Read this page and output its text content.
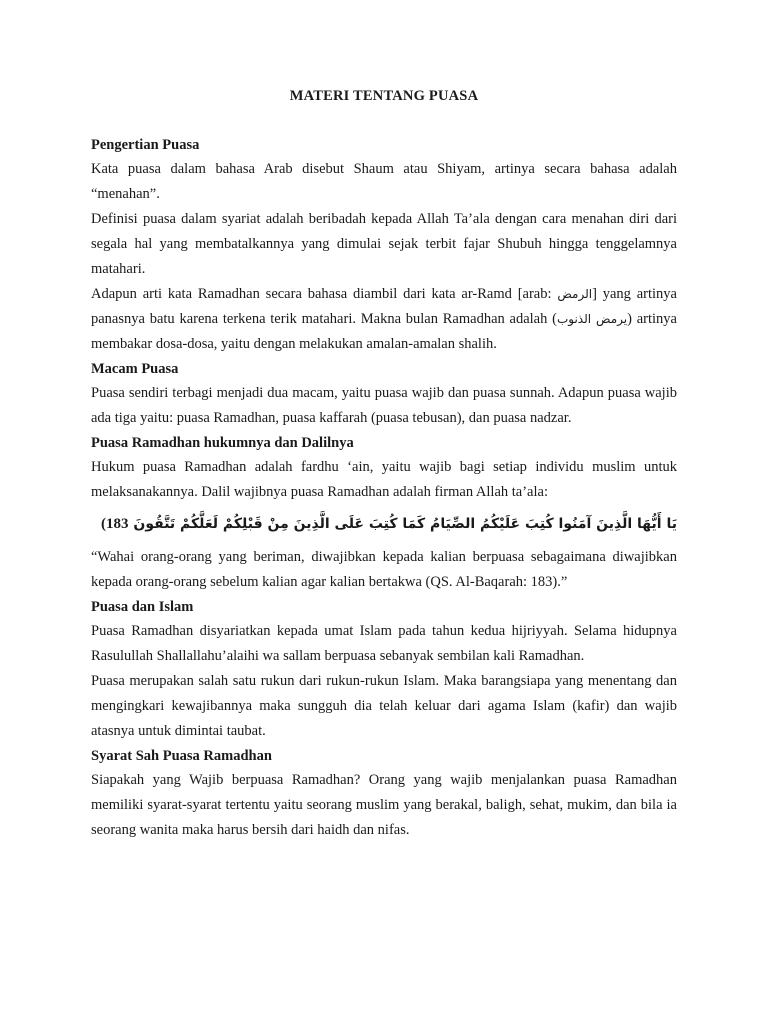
MATERI TENTANG PUASA
Pengertian Puasa

Kata puasa dalam bahasa Arab disebut Shaum atau Shiyam, artinya secara bahasa adalah “menahan”.

Definisi puasa dalam syariat adalah beribadah kepada Allah Ta’ala dengan cara menahan diri dari segala hal yang membatalkannya yang dimulai sejak terbit fajar Shubuh hingga tenggelamnya matahari.

Adapun arti kata Ramadhan secara bahasa diambil dari kata ar-Ramd [arab: الرمض] yang artinya panasnya batu karena terkena terik matahari. Makna bulan Ramadhan adalah (يرمض الذنوب) artinya membakar dosa-dosa, yaitu dengan melakukan amalan-amalan shalih.

Macam Puasa

Puasa sendiri terbagi menjadi dua macam, yaitu puasa wajib dan puasa sunnah. Adapun puasa wajib ada tiga yaitu: puasa Ramadhan, puasa kaffarah (puasa tebusan), dan puasa nadzar.

Puasa Ramadhan hukumnya dan Dalilnya

Hukum puasa Ramadhan adalah fardhu ‘ain, yaitu wajib bagi setiap individu muslim untuk melaksanakannya. Dalil wajibnya puasa Ramadhan adalah firman Allah ta’ala:

يَا أَيُّهَا الَّذِينَ آمَنُوا كُتِبَ عَلَيْكُمُ الصِّيَامُ كَمَا كُتِبَ عَلَى الَّذِينَ مِنْ قَبْلِكُمْ لَعَلَّكُمْ تَتَّقُونَ (183

“Wahai orang-orang yang beriman, diwajibkan kepada kalian berpuasa sebagaimana diwajibkan kepada orang-orang sebelum kalian agar kalian bertakwa (QS. Al-Baqarah: 183).”

Puasa dan Islam

Puasa Ramadhan disyariatkan kepada umat Islam pada tahun kedua hijriyyah. Selama hidupnya Rasulullah Shallallahu’alaihi wa sallam berpuasa sebanyak sembilan kali Ramadhan.

Puasa merupakan salah satu rukun dari rukun-rukun Islam. Maka barangsiapa yang menentang dan mengingkari kewajibannya maka sungguh dia telah keluar dari agama Islam (kafir) dan wajib atasnya untuk dimintai taubat.

Syarat Sah Puasa Ramadhan

Siapakah yang Wajib berpuasa Ramadhan? Orang yang wajib menjalankan puasa Ramadhan memiliki syarat-syarat tertentu yaitu seorang muslim yang berakal, baligh, sehat, mukim, dan bila ia seorang wanita maka harus bersih dari haidh dan nifas.
